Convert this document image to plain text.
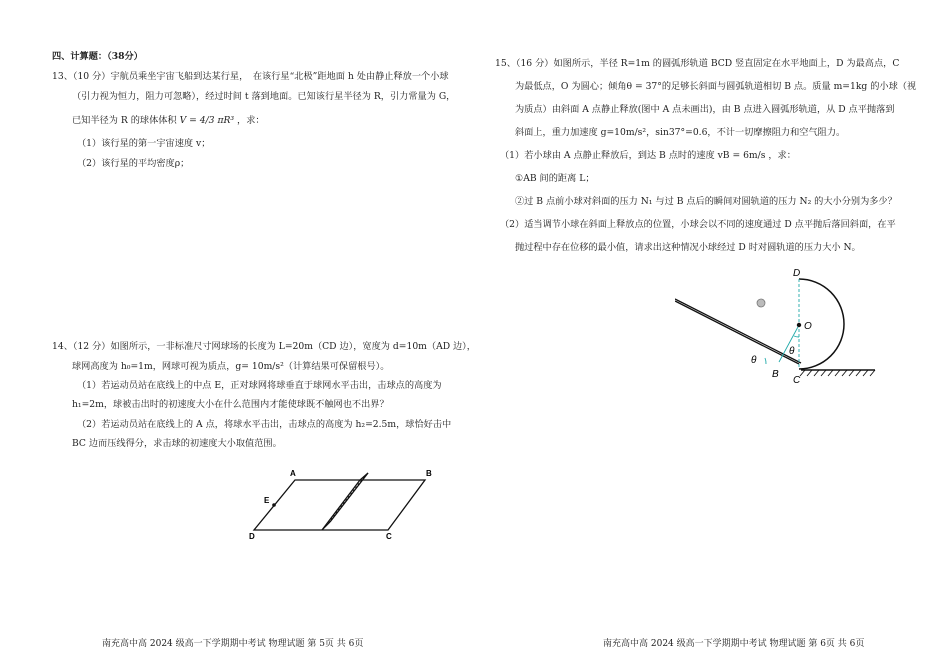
四、计算题：（38分）
13、（10 分）宇航员乘坐宇宙飞船到达某行星，　在该行星“北极”距地面 h 处由静止释放一个小球
（引力视为恒力，阻力可忽略），经过时间 t 落到地面。已知该行星半径为 R，引力常量为 G，
已知半径为 R 的球体体积 V = 4/3 πR³ ，求：
（1）该行星的第一宇宙速度 v；
（2）该行星的平均密度ρ；
14、（12 分）如图所示，一非标准尺寸网球场的长度为 L=20m（CD 边），宽度为 d=10m（AD 边），
球网高度为 h₀=1m，网球可视为质点，g= 10m/s²（计算结果可保留根号）。
（1）若运动员站在底线上的中点 E，正对球网将球垂直于球网水平击出，击球点的高度为
h₁=2m，球被击出时的初速度大小在什么范围内才能使球既不触网也不出界？
（2）若运动员站在底线上的 A 点，将球水平击出，击球点的高度为 h₂=2.5m，球恰好击中
BC 边而压线得分，求击球的初速度大小取值范围。
A	B
E
D	C
南充高中高 2024 级高一下学期期中考试 物理试题 第 5页 共 6页
15、（16 分）如图所示，半径 R=1m 的圆弧形轨道 BCD 竖直固定在水平地面上，D 为最高点，C
为最低点，O 为圆心；倾角θ = 37°的足够长斜面与圆弧轨道相切 B 点。质量 m=1kg 的小球（视
为质点）由斜面 A 点静止释放(图中 A 点未画出)，由 B 点进入圆弧形轨道，从 D 点平抛落到
斜面上，重力加速度 g=10m/s²，sin37°=0.6，不计一切摩擦阻力和空气阻力。
（1）若小球由 A 点静止释放后，到达 B 点时的速度 vB = 6m/s ，求：
①AB 间的距离 L；
②过 B 点前小球对斜面的压力 N₁ 与过 B 点后的瞬间对圆轨道的压力 N₂ 的大小分别为多少？
（2）适当调节小球在斜面上释放点的位置，小球会以不同的速度通过 D 点平抛后落回斜面，在平
抛过程中存在位移的最小值，请求出这种情况小球经过 D 时对圆轨道的压力大小 N。
D
O
θ
θ
B
C
南充高中高 2024 级高一下学期期中考试 物理试题 第 6页 共 6页
